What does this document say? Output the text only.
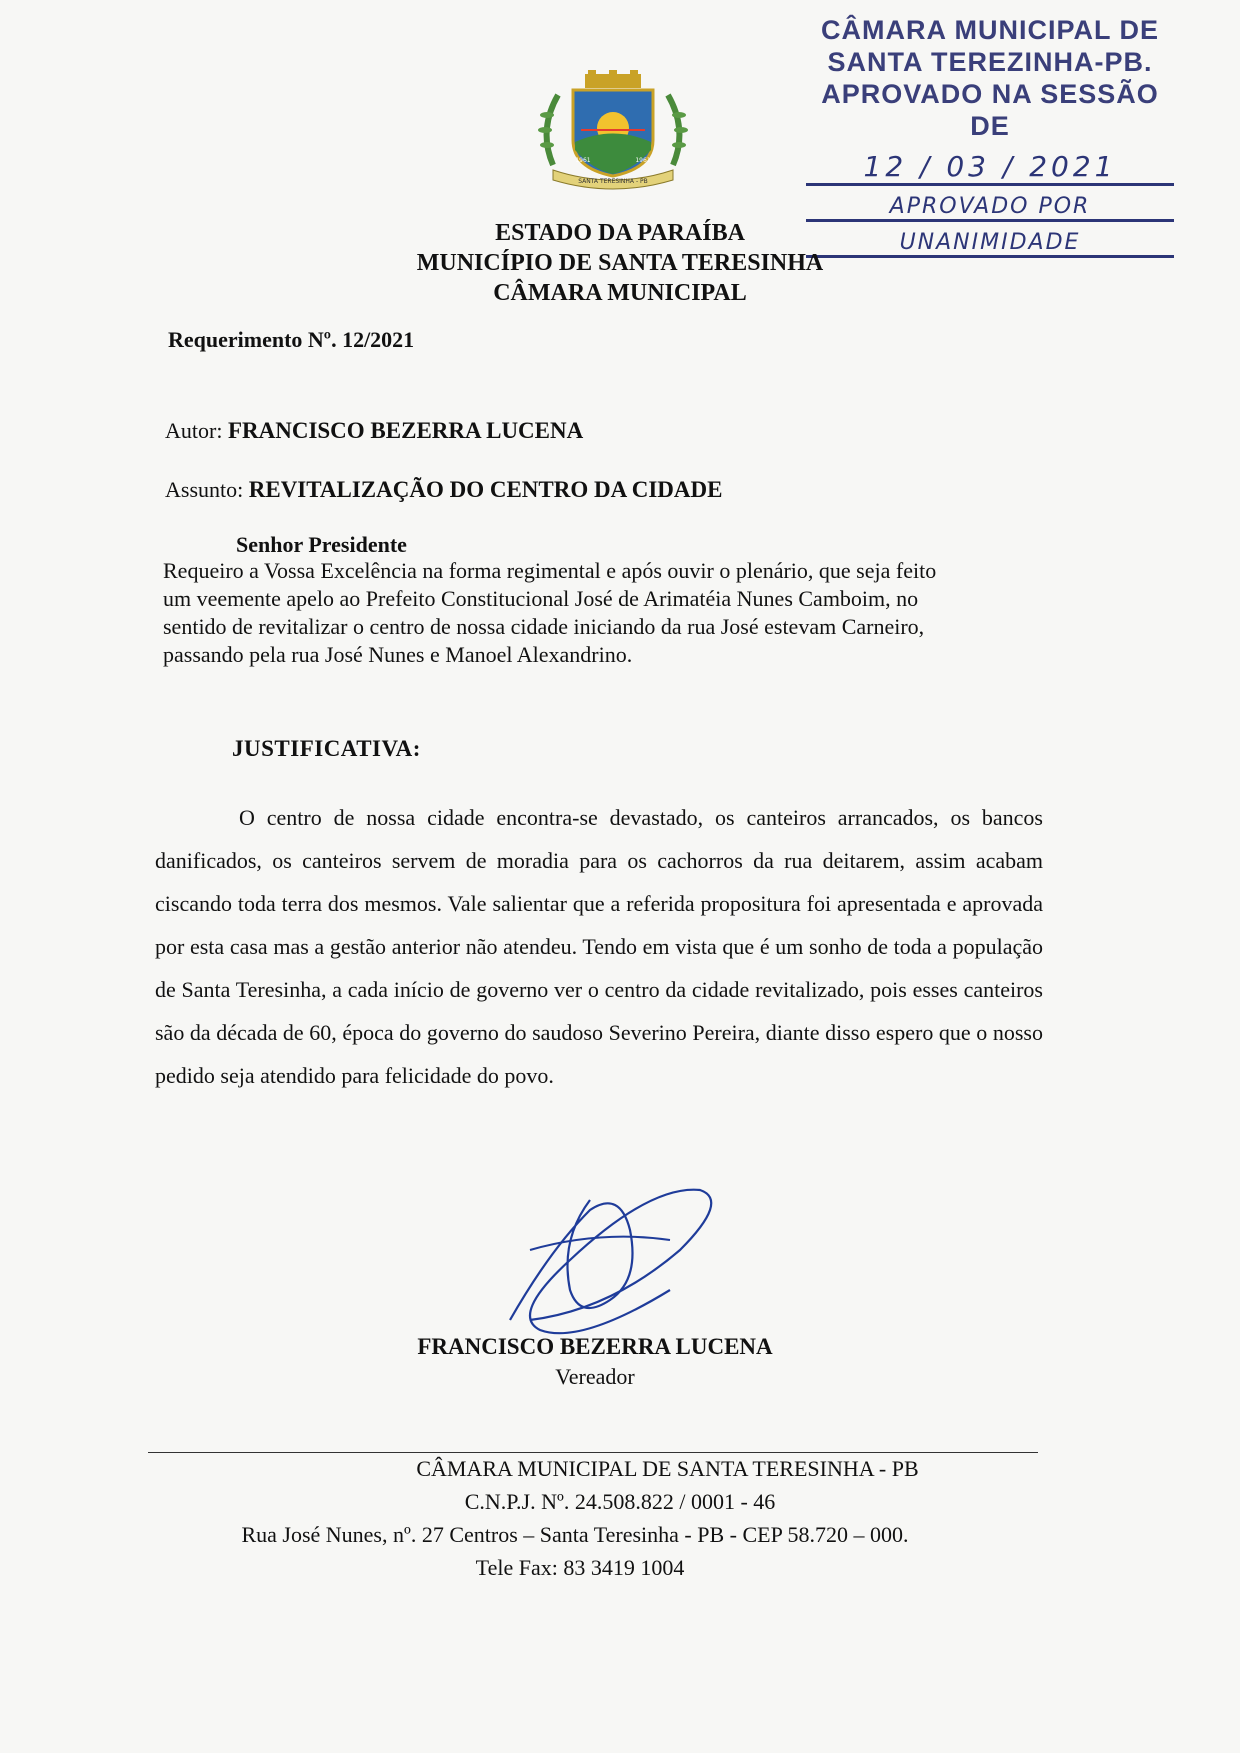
CÂMARA MUNICIPAL DE
SANTA TEREZINHA-PB.
APROVADO NA SESSÃO DE
12 / 03 / 2021
APROVADO POR
UNANIMIDADE
SANTA TERESINHA - PB
1961	1961
ESTADO DA PARAÍBA
MUNICÍPIO DE SANTA TERESINHA
CÂMARA MUNICIPAL
Requerimento Nº. 12/2021
Autor: FRANCISCO BEZERRA LUCENA
Assunto: REVITALIZAÇÃO DO CENTRO DA CIDADE
Senhor Presidente

Requeiro a Vossa Excelência na forma regimental e após ouvir o plenário, que seja feito

um veemente apelo ao Prefeito Constitucional José de Arimatéia Nunes Camboim, no

sentido de revitalizar o centro de nossa cidade iniciando da rua José estevam Carneiro,

passando pela rua José Nunes e Manoel Alexandrino.

JUSTIFICATIVA:

O centro de nossa cidade encontra-se devastado, os canteiros arrancados, os bancos danificados, os canteiros servem de moradia para os cachorros da rua deitarem, assim acabam ciscando toda terra dos mesmos. Vale salientar que a referida propositura foi apresentada e aprovada por esta casa mas a gestão anterior não atendeu. Tendo em vista que é um sonho de toda a população de Santa Teresinha, a cada início de governo ver o centro da cidade revitalizado, pois esses canteiros são da década de 60, época do governo do saudoso Severino Pereira, diante disso espero que o nosso pedido seja atendido para felicidade do povo.

FRANCISCO BEZERRA LUCENA
Vereador
CÂMARA MUNICIPAL DE SANTA TERESINHA - PB
C.N.P.J. Nº. 24.508.822 / 0001 - 46
Rua José Nunes, nº. 27 Centros – Santa Teresinha - PB - CEP 58.720 – 000.
Tele Fax: 83 3419 1004
